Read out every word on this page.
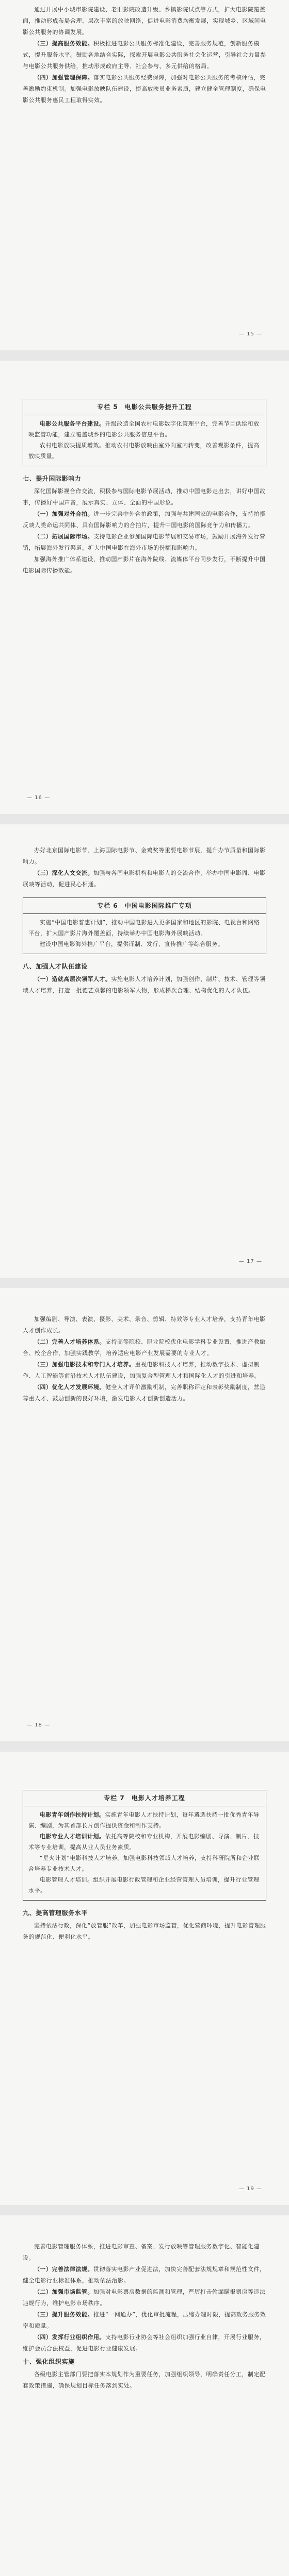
通过开展中小城市影院建设、老旧影院改造升级、乡镇影院试点等方式，扩大电影院覆盖面，推动形成布局合理、层次丰富的放映网络，促进电影消费均衡发展，实现城乡、区域间电影公共服务的协调发展。

（三）提高服务效能。积极推进电影公共服务标准化建设，完善服务规范，创新服务模式，提升服务水平。鼓励各地结合实际，探索开展电影公共服务社会化运营，引导社会力量参与电影公共服务供给，推动形成政府主导、社会参与、多元供给的格局。

（四）加强管理保障。落实电影公共服务经费保障，加强对电影公共服务的考核评估，完善激励约束机制。加强电影放映队伍建设，提高放映员业务素质，建立健全管理制度，确保电影公共服务惠民工程取得实效。

— 15 —
专栏 5　电影公共服务提升工程

电影公共服务平台建设。升级改造全国农村电影数字化管理平台，完善节目供给和放映监管功能，建立覆盖城乡的电影公共服务信息平台。

农村电影放映提质增效。推动农村电影放映由室外向室内转变，改善观影条件，提高放映质量。

七、提升国际影响力

深化国际影视合作交流，积极参与国际电影节展活动，推动中国电影走出去，讲好中国故事，传播好中国声音，展示真实、立体、全面的中国形象。

（一）加强对外合拍。进一步完善中外合拍政策，加强与共建国家的电影合作，支持拍摄反映人类命运共同体、具有国际影响力的合拍片，提升中国电影的国际竞争力和传播力。

（二）拓展国际市场。支持电影企业参加国际电影节展和交易市场，鼓励开展海外发行营销，拓展海外发行渠道，扩大中国电影在海外市场的份额和影响力。

加强海外推广体系建设，推动国产影片在海外院线、流媒体平台同步发行，不断提升中国电影国际传播效能。

— 16 —

办好北京国际电影节、上海国际电影节、金鸡奖等重要电影节展，提升办节质量和国际影响力。

（三）深化人文交流。加强与各国电影机构和电影人的交流合作，举办中国电影周、电影展映等活动，促进民心相通。

专栏 6　中国电影国际推广专项

实施“中国电影普惠计划”，推动中国电影进入更多国家和地区的影院、电视台和网络平台，扩大国产影片海外覆盖面，持续举办中国电影海外展映活动。

建设中国电影海外推广平台，提供译制、发行、宣传推广等综合服务。

八、加强人才队伍建设

（一）造就高层次领军人才。实施电影人才培养计划，加强创作、制片、技术、管理等领域人才培养，打造一批德艺双馨的电影领军人物，形成梯次合理、结构优化的人才队伍。

— 17 —

加强编剧、导演、表演、摄影、美术、录音、剪辑、特效等专业人才培养，支持青年电影人才创作成长。

（二）完善人才培养体系。支持高等院校、职业院校优化电影学科专业设置，推进产教融合、校企合作，加强实践教学，培养适应电影产业发展需要的专业人才。

（三）加强电影技术和专门人才培养。重视电影科技人才培养，推动数字技术、虚拟制作、人工智能等前沿技术人才队伍建设，加强复合型管理人才和国际化人才的引进和培养。

（四）优化人才发展环境。健全人才评价激励机制，完善职称评定和表彰奖励制度，营造尊重人才、鼓励创新的良好环境，激发电影人才创新创造活力。

— 18 —
专栏 7　电影人才培养工程

电影青年创作扶持计划。实施青年电影人才扶持计划，每年遴选扶持一批优秀青年导演、编剧，为其首部长片创作提供资金和制作支持。

电影专业人才培训计划。依托高等院校和专业机构，开展电影编剧、导演、制片、技术等专业培训，提高从业人员业务素质。

“星火计划”电影科技人才培养。加强电影科技领域人才培养，支持科研院所和企业联合培养专业技术人才。

电影管理人才培训。组织开展电影行政管理和企业经营管理人员培训，提升行业管理水平。

九、提高管理服务水平

坚持依法行政，深化“放管服”改革，加强电影市场监管，优化营商环境，提升电影管理服务的规范化、便利化水平。

— 19 —

完善电影管理服务体系，推进电影审查、备案、发行放映等管理服务数字化、智能化建设。

（一）完善法律法规。贯彻落实电影产业促进法，加快完善配套法规规章和规范性文件，健全电影行业标准体系，推动依法治影。

（二）加强市场监管。加强对电影票房数据的监测和管理，严厉打击偷漏瞒报票房等违法违规行为，维护电影市场秩序。

（三）提升服务效能。推进“一网通办”，优化审批流程，压缩办理时限，提高政务服务效率和质量。

（四）发挥行业组织作用。支持电影行业协会等社会组织加强行业自律，开展行业服务，维护会员合法权益，促进电影行业健康发展。

十、强化组织实施

各级电影主管部门要把落实本规划作为重要任务，加强组织领导，明确责任分工，制定配套政策措施，确保规划目标任务落到实处。
